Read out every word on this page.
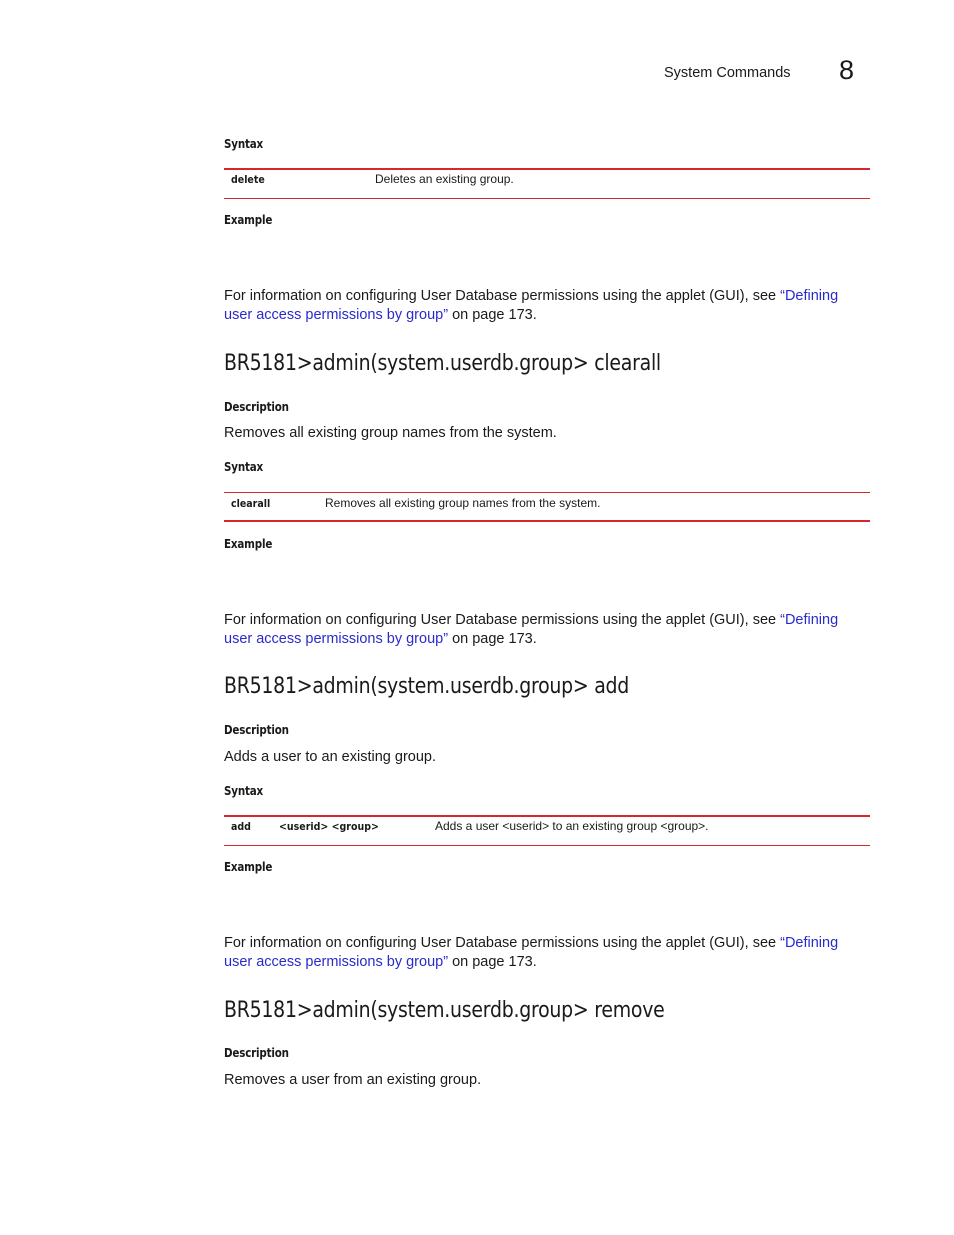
System Commands 8
Syntax
delete	Deletes an existing group.
Example
For information on configuring User Database permissions using the applet (GUI), see “Defining
user access permissions by group” on page 173.
BR5181>admin(system.userdb.group> clearall
Description
Removes all existing group names from the system.
Syntax
clearall	Removes all existing group names from the system.
Example
For information on configuring User Database permissions using the applet (GUI), see “Defining
user access permissions by group” on page 173.
BR5181>admin(system.userdb.group> add
Description
Adds a user to an existing group.
Syntax
add	<userid> <group>	Adds a user <userid> to an existing group <group>.
Example
For information on configuring User Database permissions using the applet (GUI), see “Defining
user access permissions by group” on page 173.
BR5181>admin(system.userdb.group> remove
Description
Removes a user from an existing group.
